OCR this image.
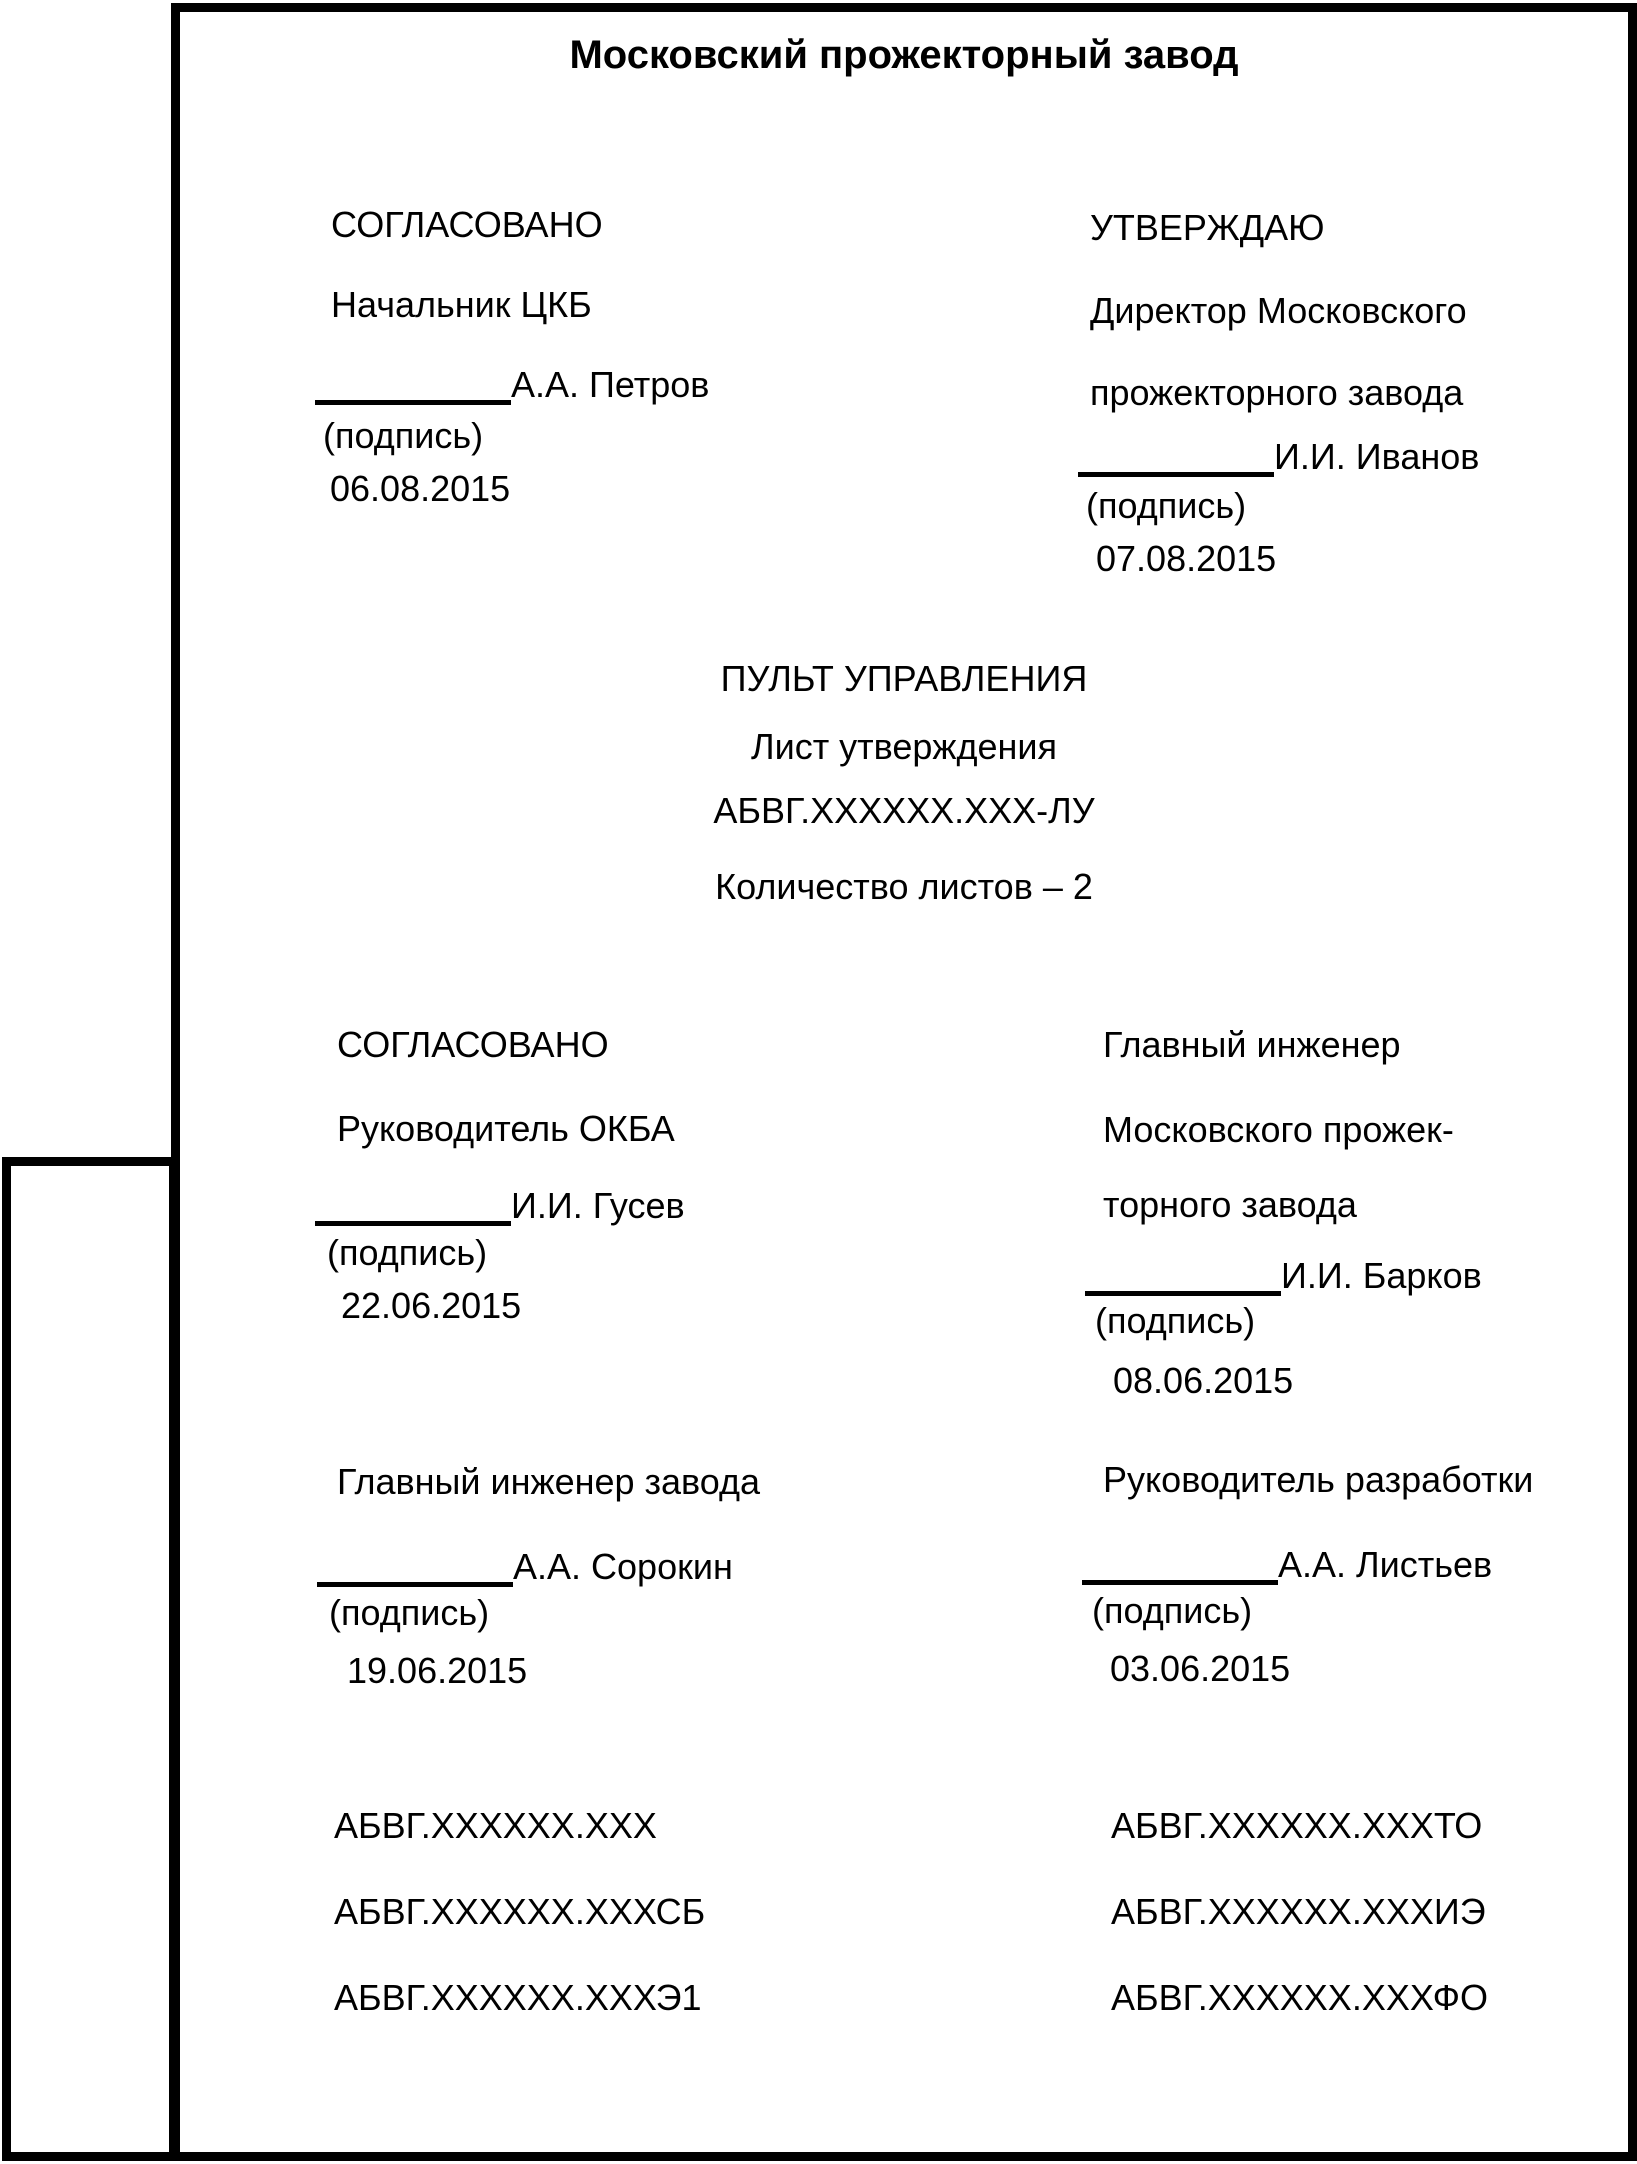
Московский прожекторный завод
СОГЛАСОВАНО
Начальник ЦКБ
А.А. Петров
(подпись)
06.08.2015
УТВЕРЖДАЮ
Директор Московского
прожекторного завода
И.И. Иванов
(подпись)
07.08.2015
ПУЛЬТ УПРАВЛЕНИЯ
Лист утверждения
АБВГ.ХХХХХХ.ХХХ-ЛУ
Количество листов – 2
СОГЛАСОВАНО
Руководитель ОКБА
И.И. Гусев
(подпись)
22.06.2015
Главный инженер
Московского прожек-
торного завода
И.И. Барков
(подпись)
08.06.2015
Главный инженер завода
А.А. Сорокин
(подпись)
19.06.2015
Руководитель разработки
А.А. Листьев
(подпись)
03.06.2015
АБВГ.ХХХХХХ.ХХХ
АБВГ.ХХХХХХ.ХХХСБ
АБВГ.ХХХХХХ.ХХХЭ1
АБВГ.ХХХХХХ.ХХХТО
АБВГ.ХХХХХХ.ХХХИЭ
АБВГ.ХХХХХХ.ХХХФО
